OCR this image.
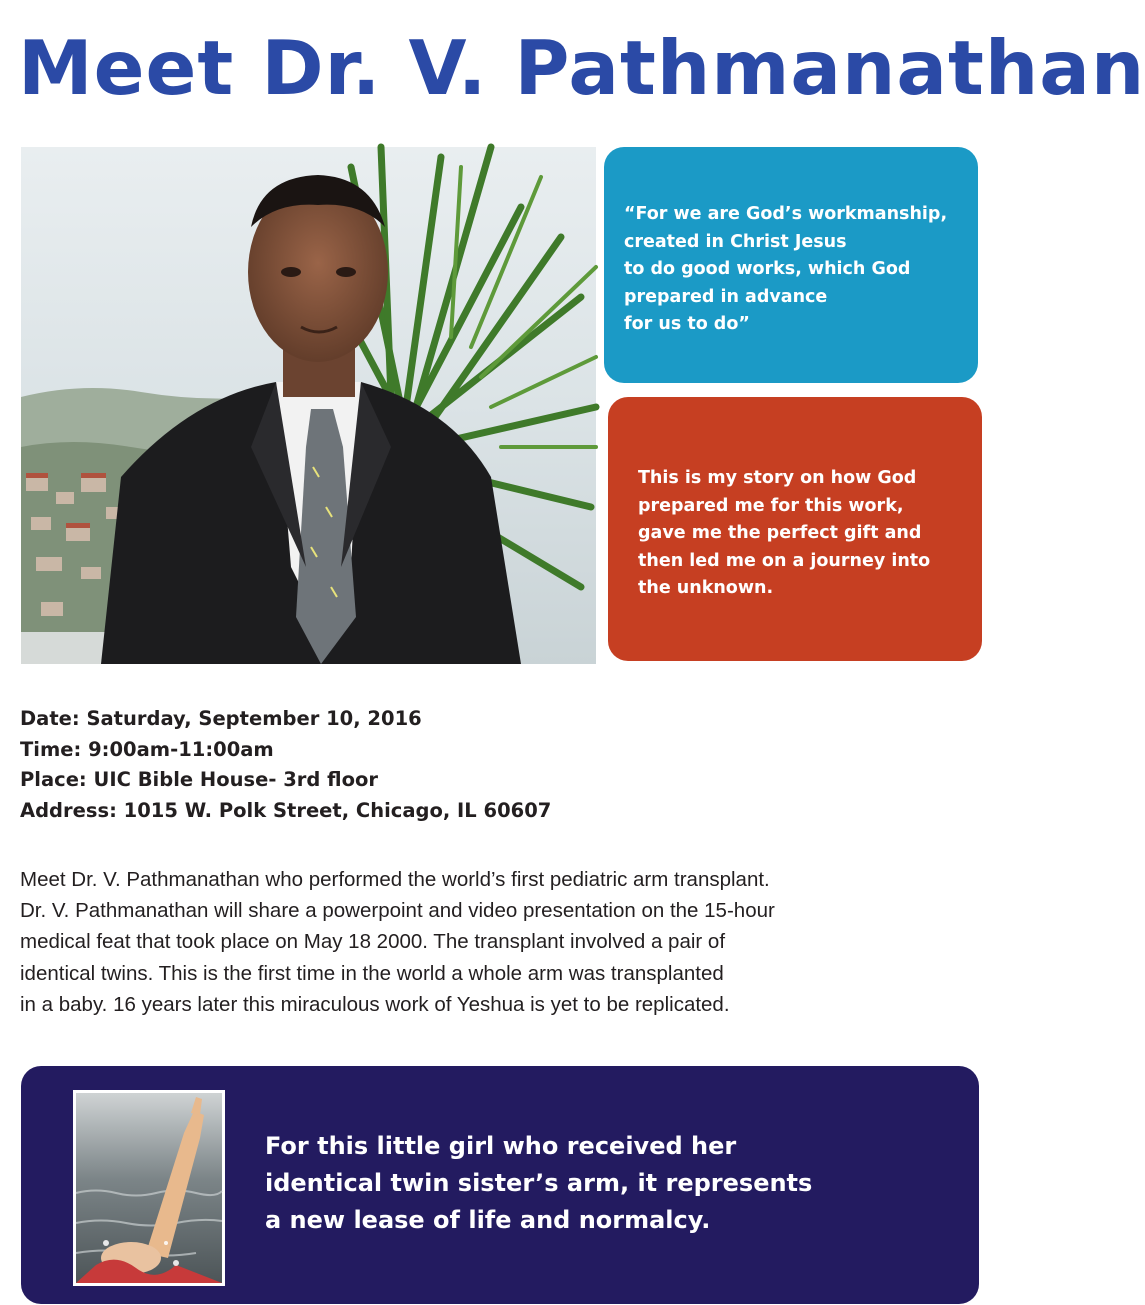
Meet Dr. V. Pathmanathan

“For we are God’s workmanship,
created in Christ Jesus
to do good works, which God
prepared in advance
for us to do”

This is my story on how God
prepared me for this work,
gave me the perfect gift and
then led me on a journey into
the unknown.

Date: Saturday, September 10, 2016
Time: 9:00am-11:00am
Place: UIC Bible House- 3rd floor
Address: 1015 W. Polk Street, Chicago, IL 60607
Meet Dr. V. Pathmanathan who performed the world’s first pediatric arm transplant.
Dr. V. Pathmanathan will share a powerpoint and video presentation on the 15-hour
medical feat that took place on May 18 2000. The transplant involved a pair of
identical twins. This is the first time in the world a whole arm was transplanted
in a baby. 16 years later this miraculous work of Yeshua is yet to be replicated.
For this little girl who received her
identical twin sister’s arm, it represents
a new lease of life and normalcy.
